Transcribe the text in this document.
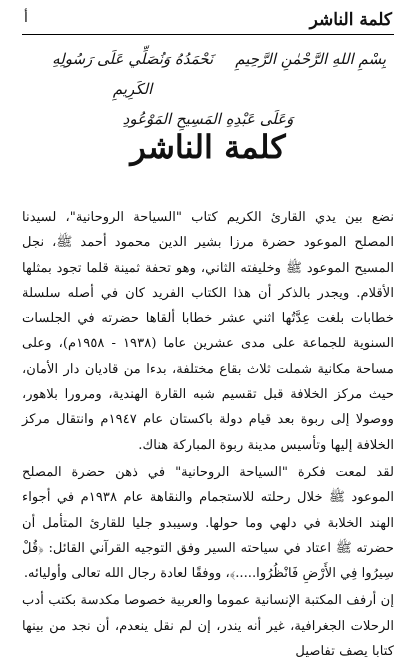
كلمة الناشر
أ
بِسْمِ اللهِ الرَّحْمٰنِ الرَّحِيمِ
نَحْمَدُهُ وَنُصَلِّي عَلَى رَسُولِهِ الكَرِيمِ
وَعَلَى عَبْدِهِ المَسِيحِ المَوْعُودِ
كلمة الناشر

نضع بين يدي القارئ الكريم كتاب "السياحة الروحانية"، لسيدنا المصلح الموعود حضرة مرزا بشير الدين محمود أحمد ﷺ، نجل المسيح الموعود ﷺ وخليفته الثاني، وهو تحفة ثمينة قلما تجود بمثلها الأقلام. ويجدر بالذكر أن هذا الكتاب الفريد كان في أصله سلسلة خطابات بلغت عِدَّتُها اثني عشر خطابا ألقاها حضرته في الجلسات السنوية للجماعة على مدى عشرين عاما (١٩٣٨ - ١٩٥٨م)، وعلى مساحة مكانية شملت ثلاث بقاع مختلفة، بدءا من قاديان دار الأمان، حيث مركز الخلافة قبل تقسيم شبه القارة الهندية، ومرورا بلاهور، ووصولا إلى ربوة بعد قيام دولة باكستان عام ١٩٤٧م وانتقال مركز الخلافة إليها وتأسيس مدينة ربوة المباركة هناك.

لقد لمعت فكرة "السياحة الروحانية" في ذهن حضرة المصلح الموعود ﷺ خلال رحلته للاستجمام والنقاهة عام ١٩٣٨م في أجواء الهند الخلابة في دلهي وما حولها. وسيبدو جليا للقارئ المتأمل أن حضرته ﷺ اعتاد في سياحته السير وفق التوجيه القرآني القائل: ﴿قُلْ سِيرُوا فِي الأَرْضِ فَانْظُرُوا.....﴾، ووفقًا لعادة رجال الله تعالى وأوليائه.

إن أرفف المكتبة الإنسانية عموما والعربية خصوصا مكدسة بكتب أدب الرحلات الجغرافية، غير أنه يندر، إن لم نقل ينعدم، أن نجد من بينها كتابا يصف تفاصيل
